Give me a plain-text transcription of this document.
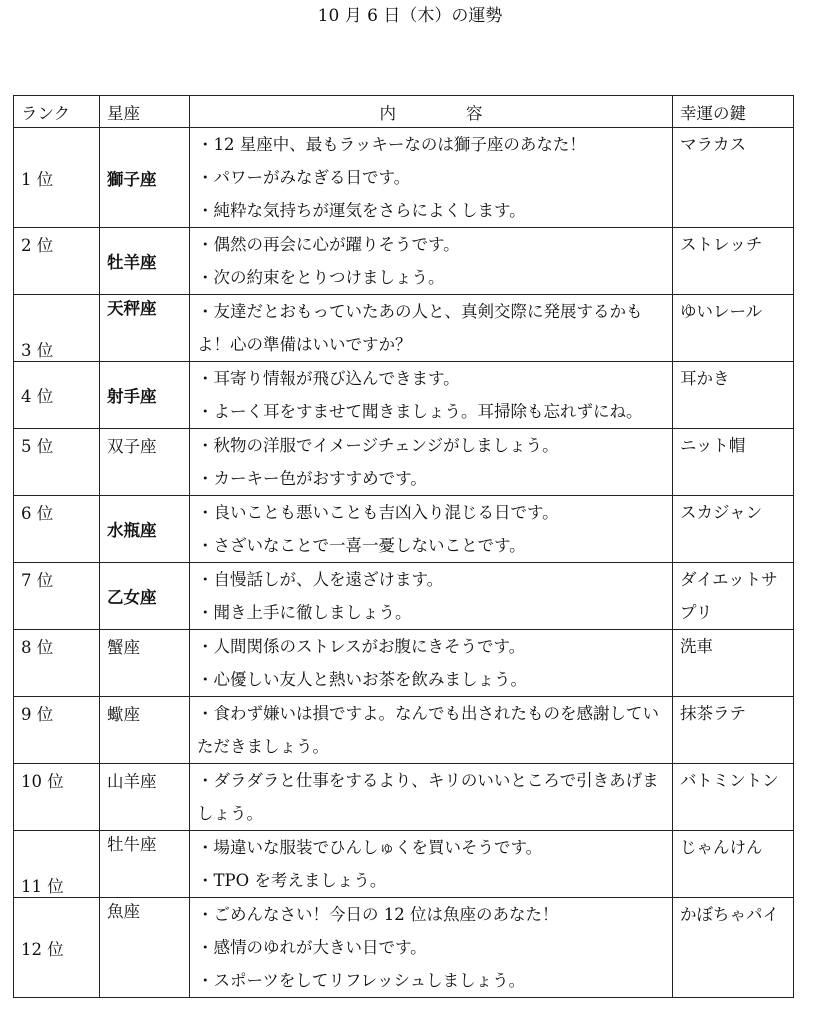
10 月 6 日（木）の運勢
ランク	星座	内 容	幸運の鍵
1 位	獅子座	・12 星座中、最もラッキーなのは獅子座のあなた！
・パワーがみなぎる日です。
・純粋な気持ちが運気をさらによくします。	マラカス

2 位	牡羊座	・偶然の再会に心が躍りそうです。
・次の約束をとりつけましょう。	ストレッチ

3 位	天秤座	・友達だとおもっていたあの人と、真剣交際に発展するかもよ！心の準備はいいですか？	ゆいレール

4 位	射手座	・耳寄り情報が飛び込んできます。
・よーく耳をすませて聞きましょう。耳掃除も忘れずにね。	耳かき

5 位	双子座	・秋物の洋服でイメージチェンジがしましょう。
・カーキー色がおすすめです。	ニット帽

6 位	水瓶座	・良いことも悪いことも吉凶入り混じる日です。
・さざいなことで一喜一憂しないことです。	スカジャン

7 位	乙女座	・自慢話しが、人を遠ざけます。
・聞き上手に徹しましょう。	ダイエットサプリ

8 位	蟹座	・人間関係のストレスがお腹にきそうです。
・心優しい友人と熱いお茶を飲みましょう。	洗車

9 位	蠍座	・食わず嫌いは損ですよ。なんでも出されたものを感謝していただきましょう。	抹茶ラテ

10 位	山羊座	・ダラダラと仕事をするより、キリのいいところで引きあげましょう。	バトミントン

11 位	牡牛座	・場違いな服装でひんしゅくを買いそうです。
・TPO を考えましょう。	じゃんけん

12 位	魚座	・ごめんなさい！今日の 12 位は魚座のあなた！
・感情のゆれが大きい日です。
・スポーツをしてリフレッシュしましょう。	かぼちゃパイ
